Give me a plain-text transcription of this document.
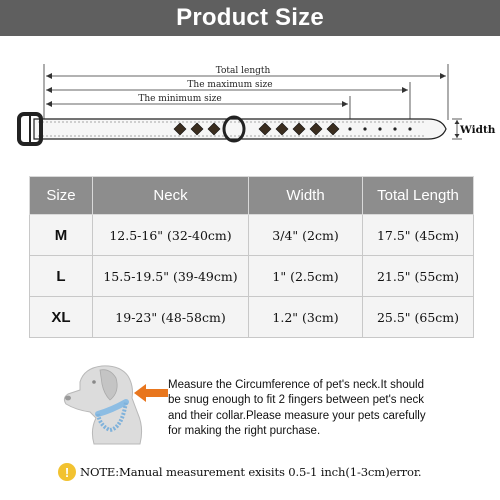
Product Size
Total length
The maximum size
The minimum size
Width
Size	Neck	Width	Total Length
M	12.5-16" (32-40cm)	3/4" (2cm)	17.5" (45cm)
L	15.5-19.5" (39-49cm)	1" (2.5cm)	21.5" (55cm)
XL	19-23" (48-58cm)	1.2" (3cm)	25.5" (65cm)
Measure the Circumference of pet's neck.It should
be snug enough to fit 2 fingers between pet's neck
and their collar.Please measure your pets carefully
for making the right purchase.
! NOTE:Manual measurement exisits 0.5-1 inch(1-3cm)error.
